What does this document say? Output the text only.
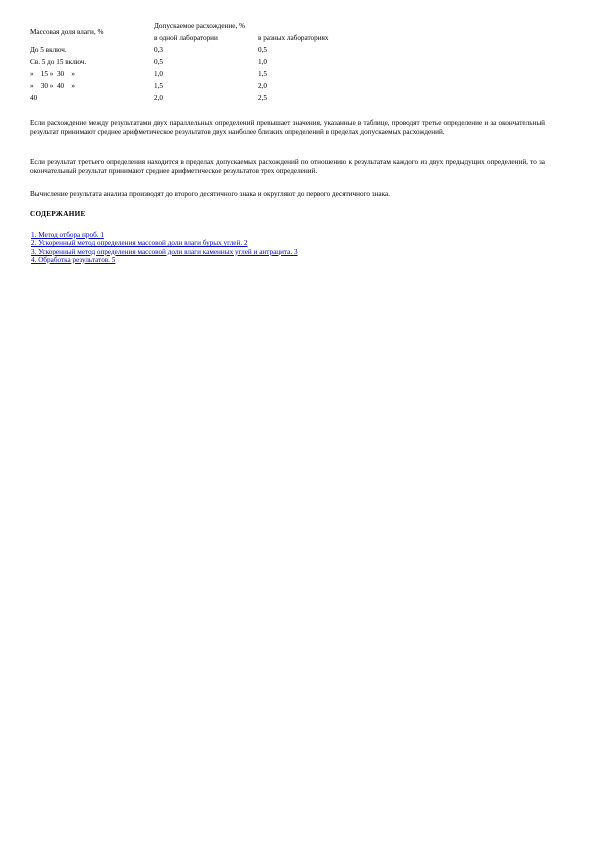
Массовая доля влаги, %	Допускаемое расхождение, %	
	в одной лаборатории	в разных лабораториях
До 5 включ.	0,3	0,5
Св. 5 до 15 включ.	0,5	1,0
»    15 »  30    »	1,0	1,5
»    30 »  40    »	1,5	2,0
40	2,0	2,5

Если расхождение между результатами двух параллельных определений превышает значения, указанные в таблице, проводят третье определение и за окончательный результат принимают среднее арифметическое результатов двух наиболее близких определений в пределах допускаемых расхождений.

Если результат третьего определения находится в пределах допускаемых расхождений по отношению к результатам каждого из двух предыдущих определений, то за окончательный результат принимают среднее арифметическое результатов трех определений.

Вычисление результата анализа производят до второго десятичного знака и округляют до первого десятичного знака.

СОДЕРЖАНИЕ
1. Метод отбора проб. 1
2. Ускоренный метод определения массовой доли влаги бурых углей. 2
3. Ускоренный метод определения массовой доли влаги каменных углей и антрацита. 3
4. Обработка результатов. 5
